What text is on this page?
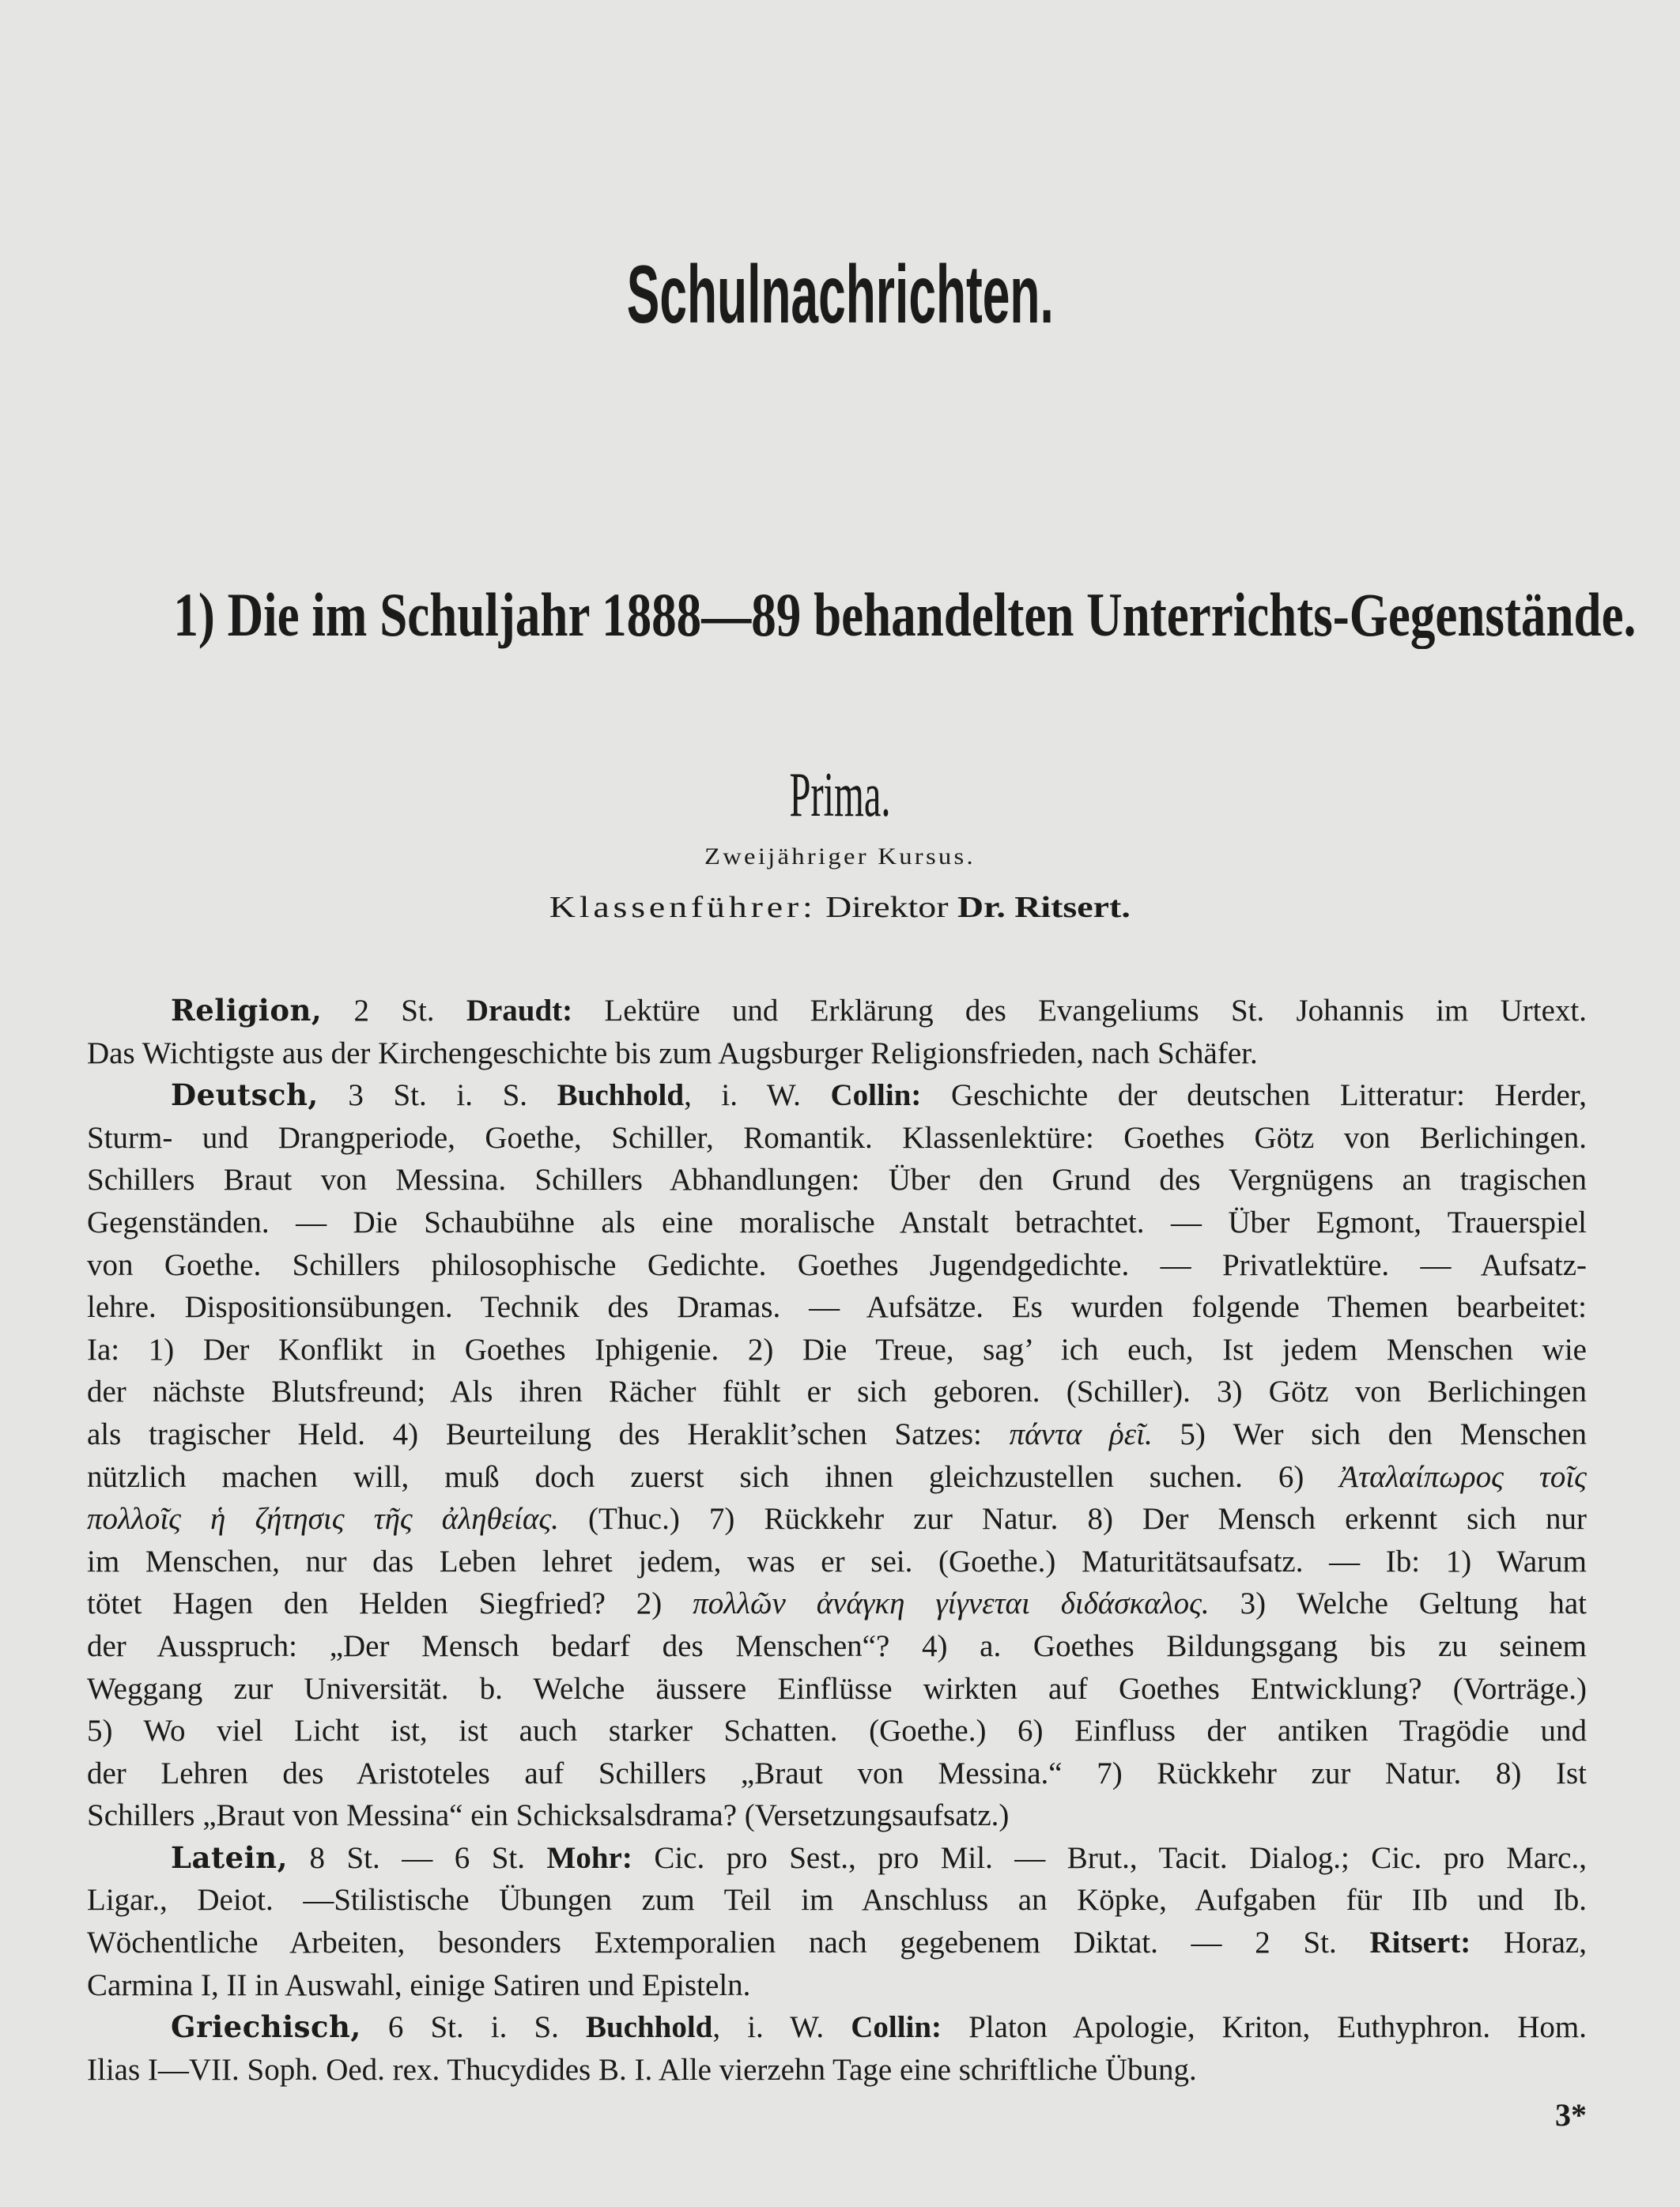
Schulnachrichten.
1) Die im Schuljahr 1888—89 behandelten Unterrichts-Gegenstände.
Prima.
Zweijähriger Kursus.
Klassenführer: Direktor Dr. Ritsert.
Religion, 2 St. Draudt: Lektüre und Erklärung des Evangeliums St. Johannis im Urtext.
Das Wichtigste aus der Kirchengeschichte bis zum Augsburger Religionsfrieden, nach Schäfer.
Deutsch, 3 St. i. S. Buchhold, i. W. Collin: Geschichte der deutschen Litteratur: Herder,
Sturm- und Drangperiode, Goethe, Schiller, Romantik. Klassenlektüre: Goethes Götz von Berlichingen.
Schillers Braut von Messina. Schillers Abhandlungen: Über den Grund des Vergnügens an tragischen
Gegenständen. — Die Schaubühne als eine moralische Anstalt betrachtet. — Über Egmont, Trauerspiel
von Goethe. Schillers philosophische Gedichte. Goethes Jugendgedichte. — Privatlektüre. — Aufsatz-
lehre. Dispositionsübungen. Technik des Dramas. — Aufsätze. Es wurden folgende Themen bearbeitet:
Ia: 1) Der Konflikt in Goethes Iphigenie. 2) Die Treue, sag’ ich euch, Ist jedem Menschen wie
der nächste Blutsfreund; Als ihren Rächer fühlt er sich geboren. (Schiller). 3) Götz von Berlichingen
als tragischer Held. 4) Beurteilung des Heraklit’schen Satzes: πάντα ῥεῖ. 5) Wer sich den Menschen
nützlich machen will, muß doch zuerst sich ihnen gleichzustellen suchen. 6) Ἀταλαίπωρος τοῖς
πολλοῖς ἡ ζήτησις τῆς ἀληθείας. (Thuc.) 7) Rückkehr zur Natur. 8) Der Mensch erkennt sich nur
im Menschen, nur das Leben lehret jedem, was er sei. (Goethe.) Maturitätsaufsatz. — Ib: 1) Warum
tötet Hagen den Helden Siegfried? 2) πολλῶν ἀνάγκη γίγνεται διδάσκαλος. 3) Welche Geltung hat
der Ausspruch: „Der Mensch bedarf des Menschen“? 4) a. Goethes Bildungsgang bis zu seinem
Weggang zur Universität. b. Welche äussere Einflüsse wirkten auf Goethes Entwicklung? (Vorträge.)
5) Wo viel Licht ist, ist auch starker Schatten. (Goethe.) 6) Einfluss der antiken Tragödie und
der Lehren des Aristoteles auf Schillers „Braut von Messina.“ 7) Rückkehr zur Natur. 8) Ist
Schillers „Braut von Messina“ ein Schicksalsdrama? (Versetzungsaufsatz.)
Latein, 8 St. — 6 St. Mohr: Cic. pro Sest., pro Mil. — Brut., Tacit. Dialog.; Cic. pro Marc.,
Ligar., Deiot. —Stilistische Übungen zum Teil im Anschluss an Köpke, Aufgaben für IIb und Ib.
Wöchentliche Arbeiten, besonders Extemporalien nach gegebenem Diktat. — 2 St. Ritsert: Horaz,
Carmina I, II in Auswahl, einige Satiren und Episteln.
Griechisch, 6 St. i. S. Buchhold, i. W. Collin: Platon Apologie, Kriton, Euthyphron. Hom.
Ilias I—VII. Soph. Oed. rex. Thucydides B. I. Alle vierzehn Tage eine schriftliche Übung.
3*
